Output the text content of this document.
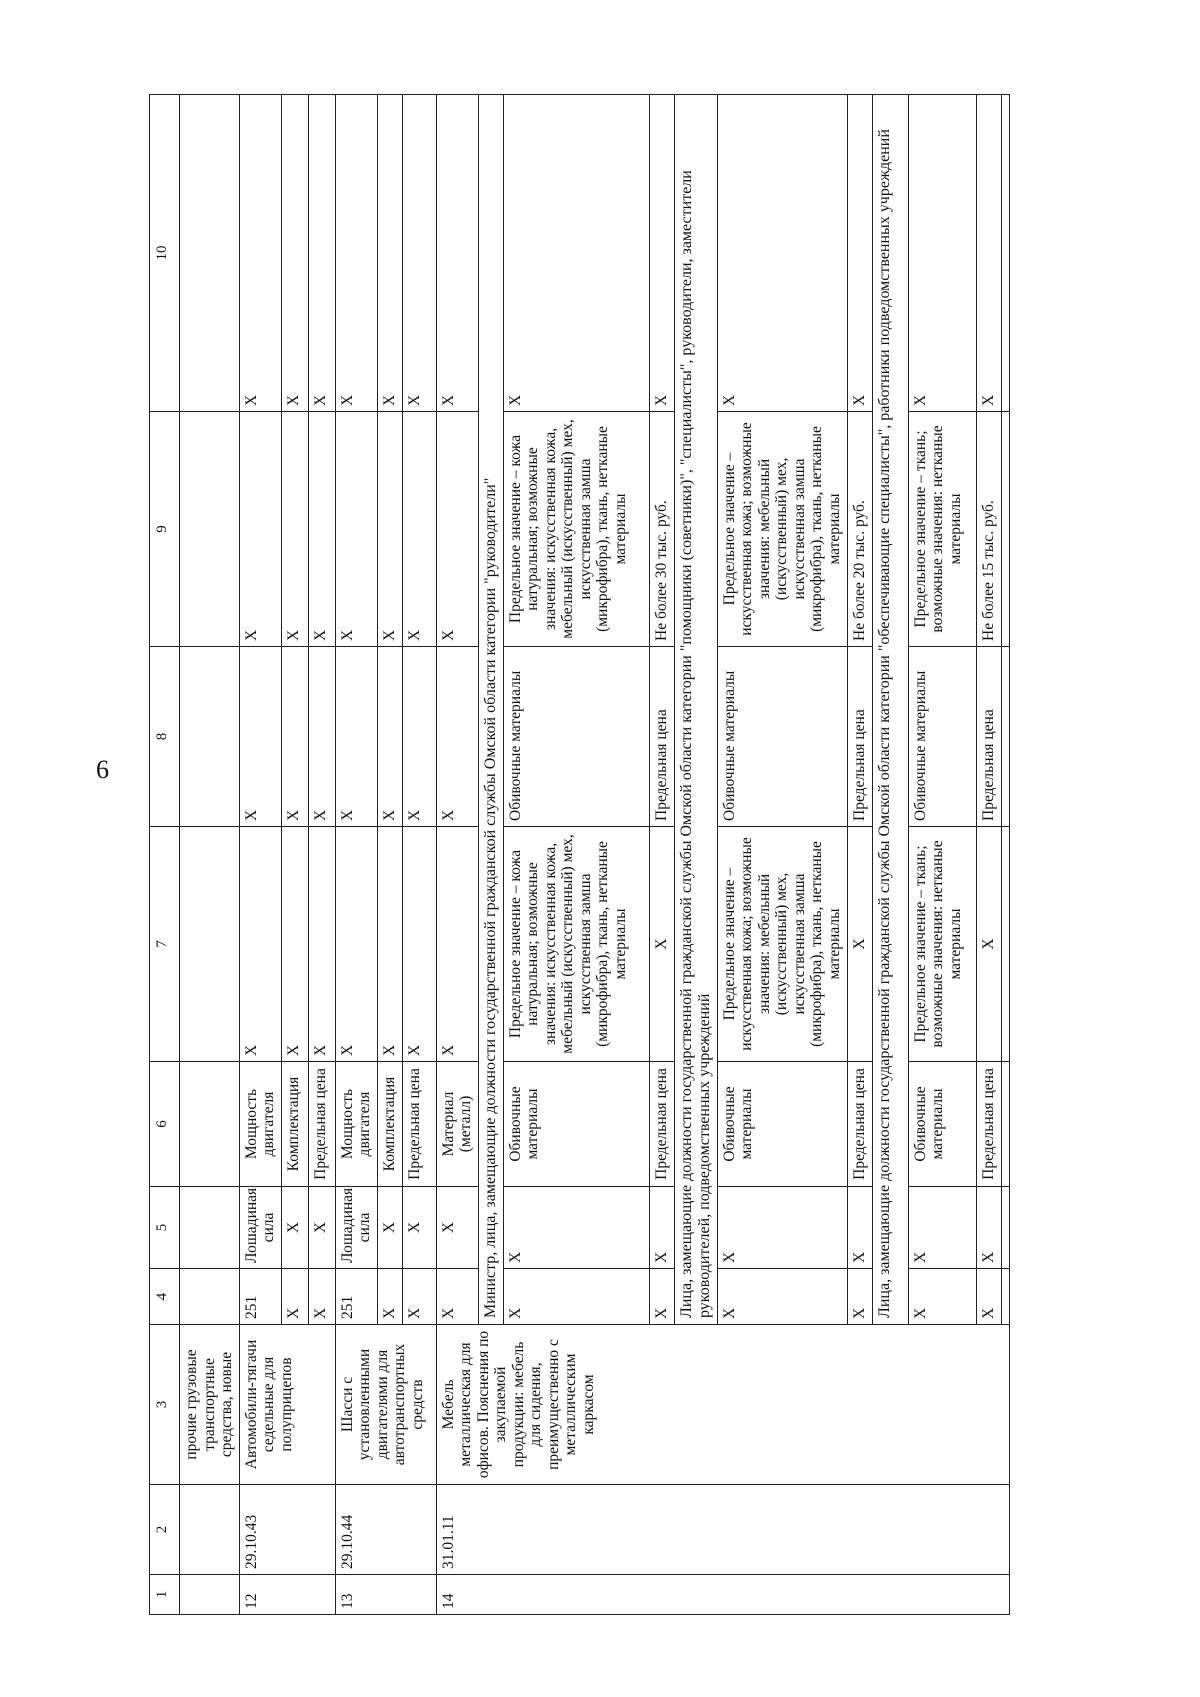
6
1	2	3	4	5	6	7	8	9	10
		прочие грузовые транспортные средства, новые							
12	29.10.43	Автомобили-тягачи седельные для полуприцепов	251	Лошадиная сила	Мощность двигателя	X	X	X	X
			X	X	Комплектация	X	X	X	X
			X	X	Предельная цена	X	X	X	X
13	29.10.44	Шасси с установленными двигателями для автотранспортных средств	251	Лошадиная сила	Мощность двигателя	X	X	X	X
			X	X	Комплектация	X	X	X	X
			X	X	Предельная цена	X	X	X	X
14	31.01.11	Мебель металлическая для офисов. Пояснения по закупаемой продукции: мебель для сидения, преимущественно с металлическим каркасом	X	X	Материал (металл)	X	X	X	X
			Министр, лица, замещающие должности государственной гражданской службы Омской области категории "руководители"						
			X	X	Обивочные материалы	Предельное значение – кожа натуральная; возможные значения: искусственная кожа, мебельный (искусственный) мех, искусственная замша (микрофибра), ткань, нетканые материалы	Обивочные материалы	Предельное значение – кожа натуральная; возможные значения: искусственная кожа, мебельный (искусственный) мех, искусственная замша (микрофибра), ткань, нетканые материалы	X
			X	X	Предельная цена	X	Предельная цена	Не более 30 тыс. руб.	X
			Лица, замещающие должности государственной гражданской службы Омской области категории "помощники (советники)", "специалисты", руководители, заместители руководителей, подведомственных учреждений						
			X	X	Обивочные материалы	Предельное значение – искусственная кожа; возможные значения: мебельный (искусственный) мех, искусственная замша (микрофибра), ткань, нетканые материалы	Обивочные материалы	Предельное значение – искусственная кожа; возможные значения: мебельный (искусственный) мех, искусственная замша (микрофибра), ткань, нетканые материалы	X
			X	X	Предельная цена	X	Предельная цена	Не более 20 тыс. руб.	X
			Лица, замещающие должности государственной гражданской службы Омской области категории "обеспечивающие специалисты", работники подведомственных учреждений						
			X	X	Обивочные материалы	Предельное значение – ткань; возможные значения: нетканые материалы	Обивочные материалы	Предельное значение – ткань; возможные значения: нетканые материалы	X
			X	X	Предельная цена	X	Предельная цена	Не более 15 тыс. руб.	X
